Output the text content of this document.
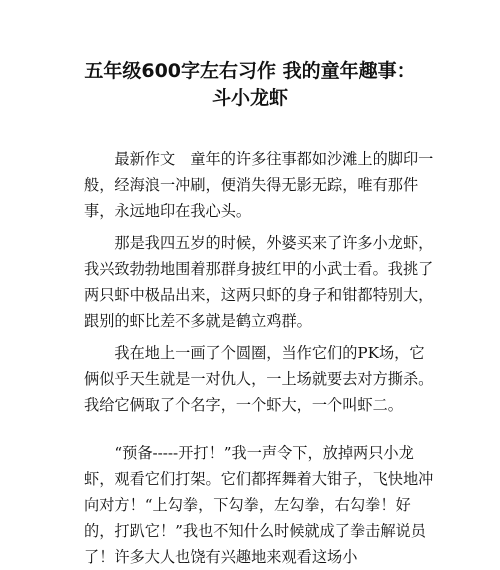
五年级600字左右习作 我的童年趣事：
斗小龙虾

最新作文　童年的许多往事都如沙滩上的脚印一般，经海浪一冲刷，便消失得无影无踪，唯有那件事，永远地印在我心头。

那是我四五岁的时候，外婆买来了许多小龙虾，我兴致勃勃地围着那群身披红甲的小武士看。我挑了两只虾中极品出来，这两只虾的身子和钳都特别大，跟别的虾比差不多就是鹤立鸡群。

我在地上一画了个圆圈，当作它们的PK场，它俩似乎天生就是一对仇人，一上场就要去对方撕杀。我给它俩取了个名字，一个虾大，一个叫虾二。

“预备-----开打！”我一声令下，放掉两只小龙虾，观看它们打架。它们都挥舞着大钳子，飞快地冲向对方！“上勾拳，下勾拳，左勾拳，右勾拳！好的，打趴它！”我也不知什么时候就成了拳击解说员了！许多大人也饶有兴趣地来观看这场小
